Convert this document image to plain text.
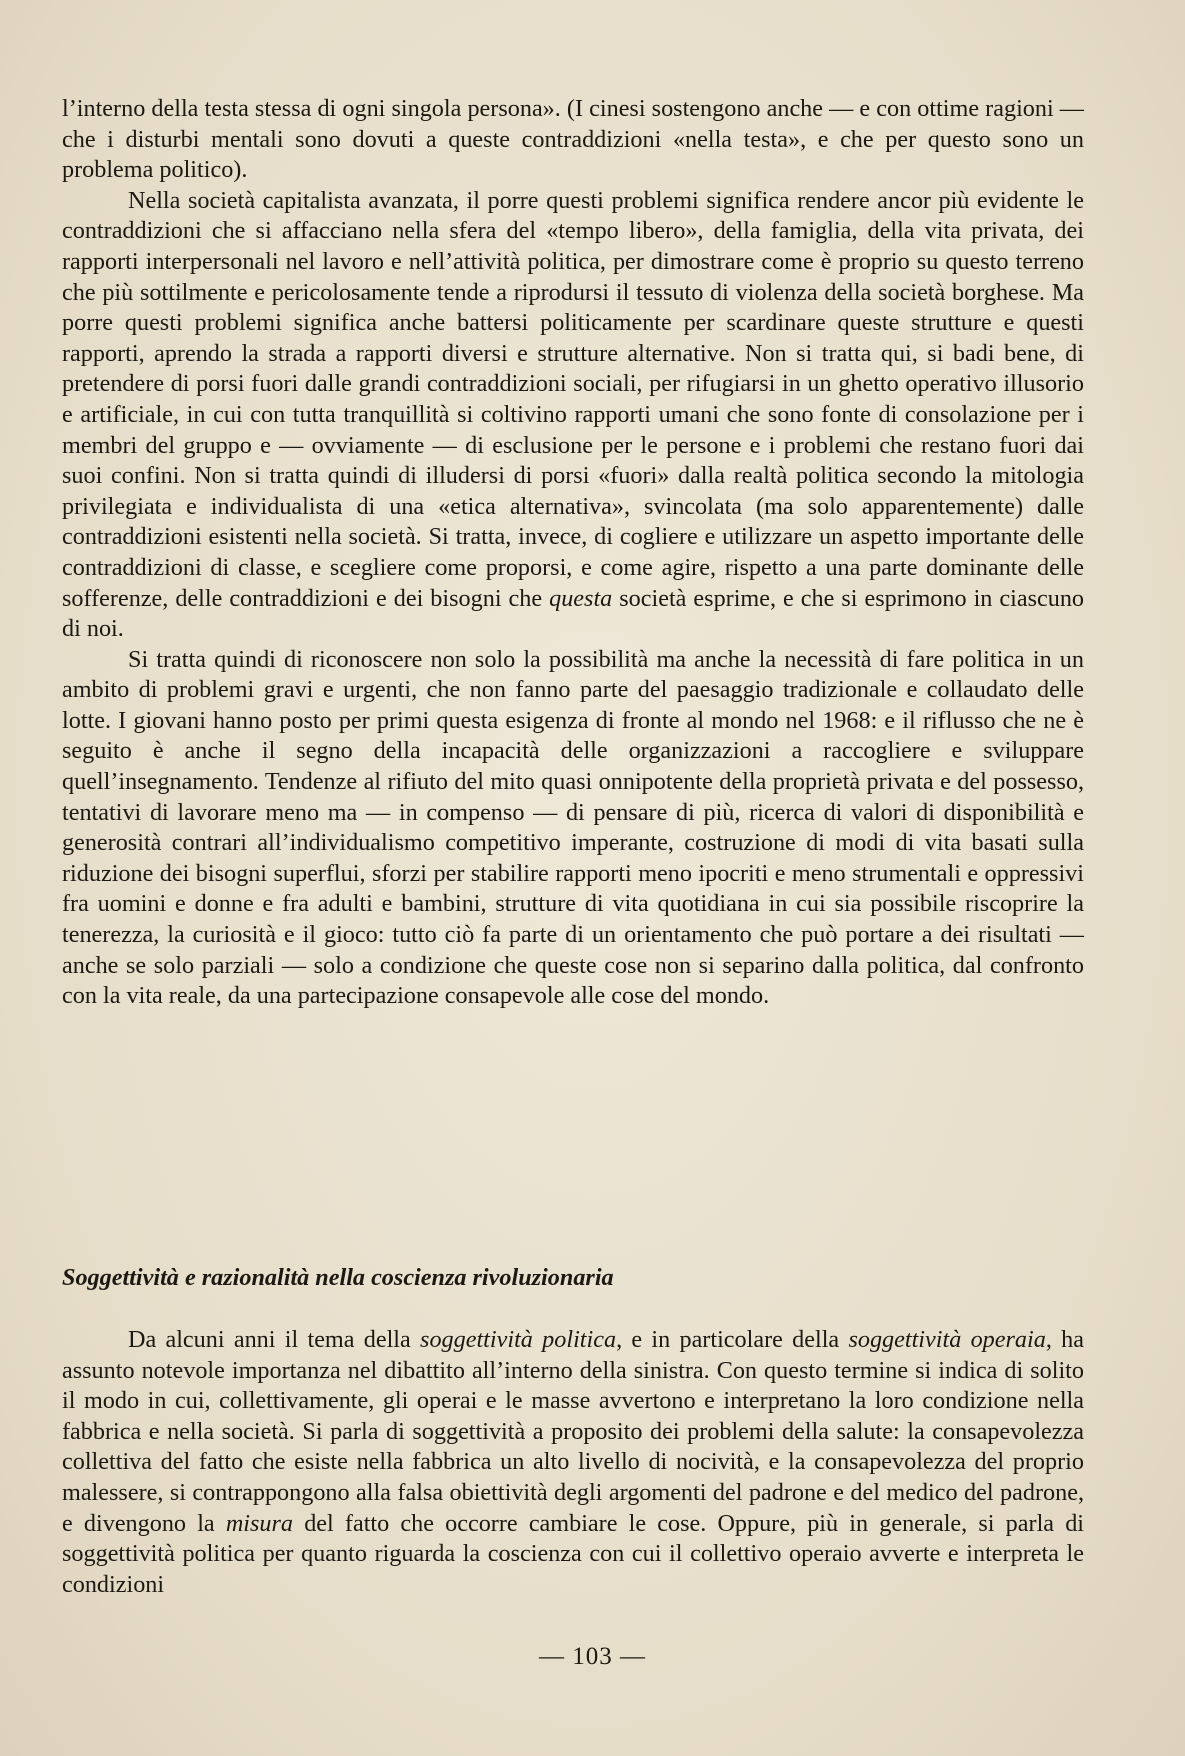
l’interno della testa stessa di ogni singola persona». (I cinesi sostengono anche — e con ottime ragioni — che i disturbi mentali sono dovuti a queste contraddizioni «nella testa», e che per questo sono un problema politico).

Nella società capitalista avanzata, il porre questi problemi significa rendere ancor più evidente le contraddizioni che si affacciano nella sfera del «tempo libero», della famiglia, della vita privata, dei rapporti interpersonali nel lavoro e nell’attività politica, per dimostrare come è proprio su questo terreno che più sottilmente e pericolosamente tende a riprodursi il tessuto di violenza della società borghese. Ma porre questi problemi significa anche battersi politicamente per scardinare queste strutture e questi rapporti, aprendo la strada a rapporti diversi e strutture alternative. Non si tratta qui, si badi bene, di pretendere di porsi fuori dalle grandi contraddizioni sociali, per rifugiarsi in un ghetto operativo illusorio e artificiale, in cui con tutta tranquillità si coltivino rapporti umani che sono fonte di consolazione per i membri del gruppo e — ovviamente — di esclusione per le persone e i problemi che restano fuori dai suoi confini. Non si tratta quindi di illudersi di porsi «fuori» dalla realtà politica secondo la mitologia privilegiata e individualista di una «etica alternativa», svincolata (ma solo apparentemente) dalle contraddizioni esistenti nella società. Si tratta, invece, di cogliere e utilizzare un aspetto importante delle contraddizioni di classe, e scegliere come proporsi, e come agire, rispetto a una parte dominante delle sofferenze, delle contraddizioni e dei bisogni che questa società esprime, e che si esprimono in ciascuno di noi.

Si tratta quindi di riconoscere non solo la possibilità ma anche la necessità di fare politica in un ambito di problemi gravi e urgenti, che non fanno parte del paesaggio tradizionale e collaudato delle lotte. I giovani hanno posto per primi questa esigenza di fronte al mondo nel 1968: e il riflusso che ne è seguito è anche il segno della incapacità delle organizzazioni a raccogliere e sviluppare quell’insegnamento. Tendenze al rifiuto del mito quasi onnipotente della proprietà privata e del possesso, tentativi di lavorare meno ma — in compenso — di pensare di più, ricerca di valori di disponibilità e generosità contrari all’individualismo competitivo imperante, costruzione di modi di vita basati sulla riduzione dei bisogni superflui, sforzi per stabilire rapporti meno ipocriti e meno strumentali e oppressivi fra uomini e donne e fra adulti e bambini, strutture di vita quotidiana in cui sia possibile riscoprire la tenerezza, la curiosità e il gioco: tutto ciò fa parte di un orientamento che può portare a dei risultati — anche se solo parziali — solo a condizione che queste cose non si separino dalla politica, dal confronto con la vita reale, da una partecipazione consapevole alle cose del mondo.

Soggettività e razionalità nella coscienza rivoluzionaria

Da alcuni anni il tema della soggettività politica, e in particolare della soggettività operaia, ha assunto notevole importanza nel dibattito all’interno della sinistra. Con questo termine si indica di solito il modo in cui, collettivamente, gli operai e le masse avvertono e interpretano la loro condizione nella fabbrica e nella società. Si parla di soggettività a proposito dei problemi della salute: la consapevolezza collettiva del fatto che esiste nella fabbrica un alto livello di nocività, e la consapevolezza del proprio malessere, si contrappongono alla falsa obiettività degli argomenti del padrone e del medico del padrone, e divengono la misura del fatto che occorre cambiare le cose. Oppure, più in generale, si parla di soggettività politica per quanto riguarda la coscienza con cui il collettivo operaio avverte e interpreta le condizioni

— 103 —
